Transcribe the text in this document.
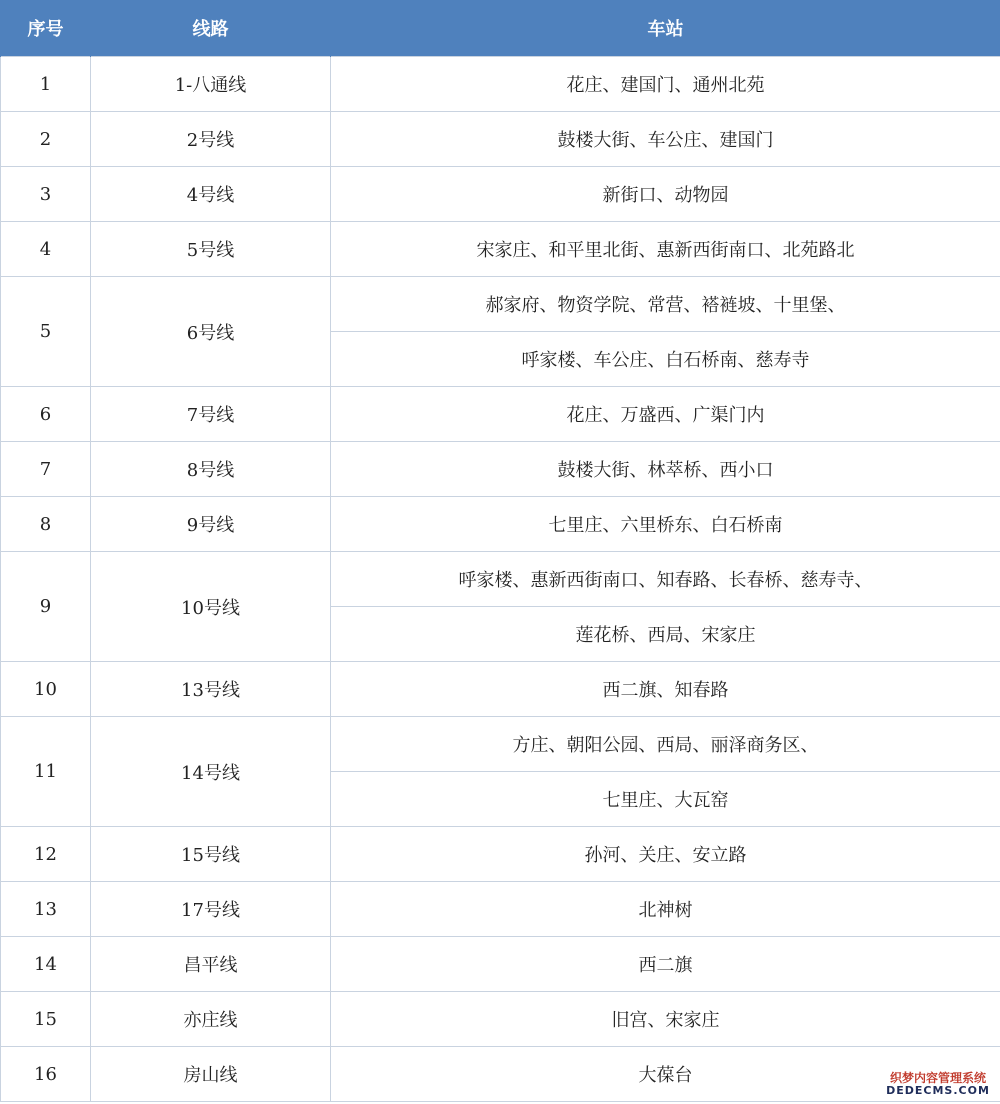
序号	线路	车站
1	1-八通线	花庄、建国门、通州北苑
2	2号线	鼓楼大街、车公庄、建国门
3	4号线	新街口、动物园
4	5号线	宋家庄、和平里北街、惠新西街南口、北苑路北
5	6号线	郝家府、物资学院、常营、褡裢坡、十里堡、
		呼家楼、车公庄、白石桥南、慈寿寺
6	7号线	花庄、万盛西、广渠门内
7	8号线	鼓楼大街、林萃桥、西小口
8	9号线	七里庄、六里桥东、白石桥南
9	10号线	呼家楼、惠新西街南口、知春路、长春桥、慈寿寺、
		莲花桥、西局、宋家庄
10	13号线	西二旗、知春路
11	14号线	方庄、朝阳公园、西局、丽泽商务区、
		七里庄、大瓦窑
12	15号线	孙河、关庄、安立路
13	17号线	北神树
14	昌平线	西二旗
15	亦庄线	旧宫、宋家庄
16	房山线	大葆台	织梦内容管理系统
DEDECMS.COM
